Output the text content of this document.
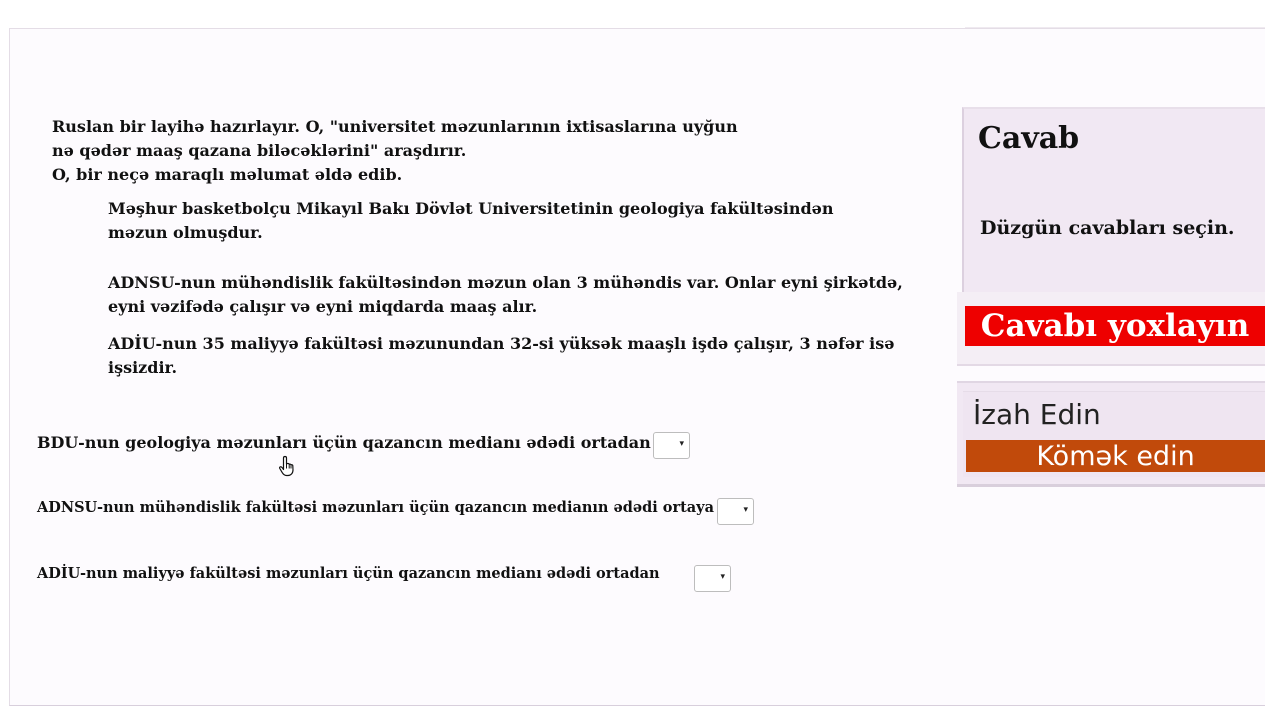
Ruslan bir layihə hazırlayır. O, "universitet məzunlarının ixtisaslarına uyğun

nə qədər maaş qazana biləcəklərini" araşdırır.

O, bir neçə maraqlı məlumat əldə edib.

Məşhur basketbolçu Mikayıl Bakı Dövlət Universitetinin geologiya fakültəsindən

məzun olmuşdur.

ADNSU-nun mühəndislik fakültəsindən məzun olan 3 mühəndis var. Onlar eyni şirkətdə,

eyni vəzifədə çalışır və eyni miqdarda maaş alır.

ADİU-nun 35 maliyyə fakültəsi məzunundan 32-si yüksək maaşlı işdə çalışır, 3 nəfər isə işsizdir.

BDU-nun geologiya məzunları üçün qazancın medianı ədədi ortadan	▾
ADNSU-nun mühəndislik fakültəsi məzunları üçün qazancın medianın ədədi ortaya	▾
ADİU-nun maliyyə fakültəsi məzunları üçün qazancın medianı ədədi ortadan	▾
Cavab
Düzgün cavabları seçin.
Cavabı yoxlayın
İzah Edin
Kömək edin
